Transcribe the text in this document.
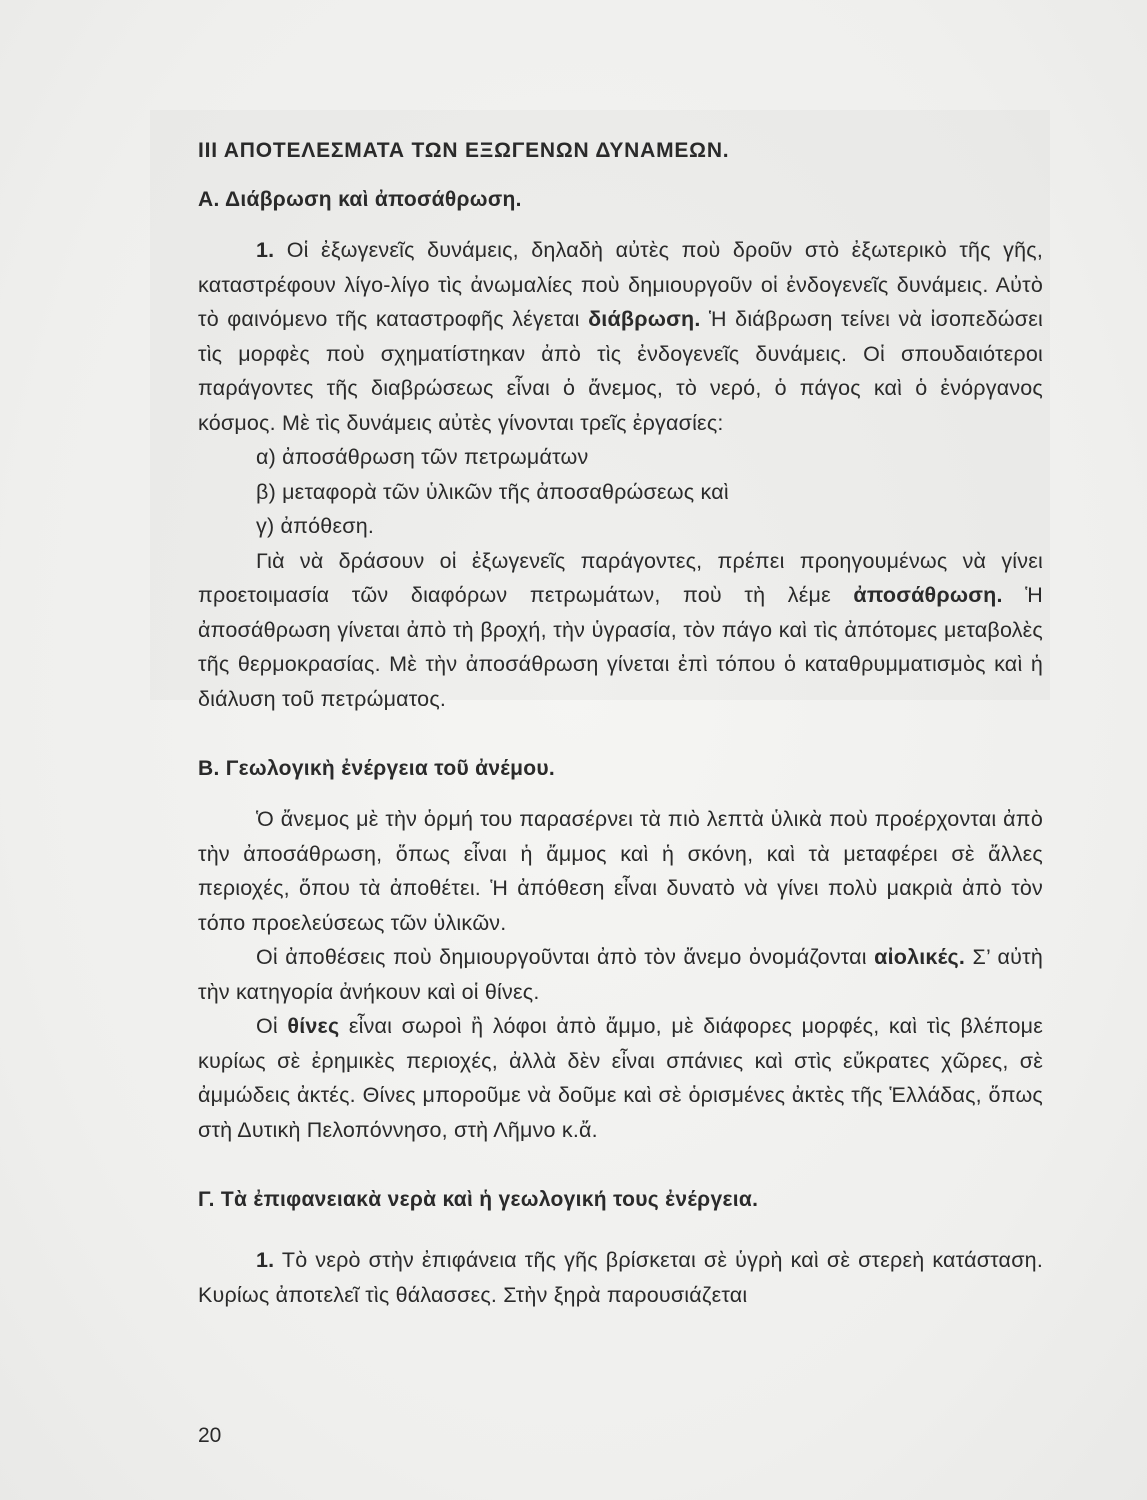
ΙΙΙ ΑΠΟΤΕΛΕΣΜΑΤΑ ΤΩΝ ΕΞΩΓΕΝΩΝ ΔΥΝΑΜΕΩΝ.
Α. Διάβρωση καὶ ἀποσάθρωση.

1. Οἱ ἐξωγενεῖς δυνάμεις, δηλαδὴ αὐτὲς ποὺ δροῦν στὸ ἐξωτερικὸ τῆς γῆς, καταστρέφουν λίγο-λίγο τὶς ἀνωμαλίες ποὺ δημιουργοῦν οἱ ἐνδογενεῖς δυνάμεις. Αὐτὸ τὸ φαινόμενο τῆς καταστροφῆς λέγεται διάβρωση. Ἡ διάβρωση τείνει νὰ ἰσοπεδώσει τὶς μορφὲς ποὺ σχηματίστηκαν ἀπὸ τὶς ἐνδογενεῖς δυνάμεις. Οἱ σπουδαιότεροι παράγοντες τῆς διαβρώσεως εἶναι ὁ ἄνεμος, τὸ νερό, ὁ πάγος καὶ ὁ ἐνόργανος κόσμος. Μὲ τὶς δυνάμεις αὐτὲς γίνονται τρεῖς ἐργασίες:

α) ἀποσάθρωση τῶν πετρωμάτων

β) μεταφορὰ τῶν ὑλικῶν τῆς ἀποσαθρώσεως καὶ

γ) ἀπόθεση.

Γιὰ νὰ δράσουν οἱ ἐξωγενεῖς παράγοντες, πρέπει προηγουμένως νὰ γίνει προετοιμασία τῶν διαφόρων πετρωμάτων, ποὺ τὴ λέμε ἀποσάθρωση. Ἡ ἀποσάθρωση γίνεται ἀπὸ τὴ βροχή, τὴν ὑγρασία, τὸν πάγο καὶ τὶς ἀπότομες μεταβολὲς τῆς θερμοκρασίας. Μὲ τὴν ἀποσάθρωση γίνεται ἐπὶ τόπου ὁ καταθρυμματισμὸς καὶ ἡ διάλυση τοῦ πετρώματος.

Β. Γεωλογικὴ ἐνέργεια τοῦ ἀνέμου.

Ὁ ἄνεμος μὲ τὴν ὁρμή του παρασέρνει τὰ πιὸ λεπτὰ ὑλικὰ ποὺ προέρχονται ἀπὸ τὴν ἀποσάθρωση, ὅπως εἶναι ἡ ἄμμος καὶ ἡ σκόνη, καὶ τὰ μεταφέρει σὲ ἄλλες περιοχές, ὅπου τὰ ἀποθέτει. Ἡ ἀπόθεση εἶναι δυνατὸ νὰ γίνει πολὺ μακριὰ ἀπὸ τὸν τόπο προελεύσεως τῶν ὑλικῶν.

Οἱ ἀποθέσεις ποὺ δημιουργοῦνται ἀπὸ τὸν ἄνεμο ὀνομάζονται αἰολικές. Σ’ αὐτὴ τὴν κατηγορία ἀνήκουν καὶ οἱ θίνες.

Οἱ θίνες εἶναι σωροὶ ἢ λόφοι ἀπὸ ἄμμο, μὲ διάφορες μορφές, καὶ τὶς βλέπομε κυρίως σὲ ἐρημικὲς περιοχές, ἀλλὰ δὲν εἶναι σπάνιες καὶ στὶς εὔκρατες χῶρες, σὲ ἀμμώδεις ἀκτές. Θίνες μποροῦμε νὰ δοῦμε καὶ σὲ ὁρισμένες ἀκτὲς τῆς Ἑλλάδας, ὅπως στὴ Δυτικὴ Πελοπόννησο, στὴ Λῆμνο κ.ἄ.

Γ. Τὰ ἐπιφανειακὰ νερὰ καὶ ἡ γεωλογική τους ἐνέργεια.

1. Τὸ νερὸ στὴν ἐπιφάνεια τῆς γῆς βρίσκεται σὲ ὑγρὴ καὶ σὲ στερεὴ κατάσταση. Κυρίως ἀποτελεῖ τὶς θάλασσες. Στὴν ξηρὰ παρουσιάζεται

20
